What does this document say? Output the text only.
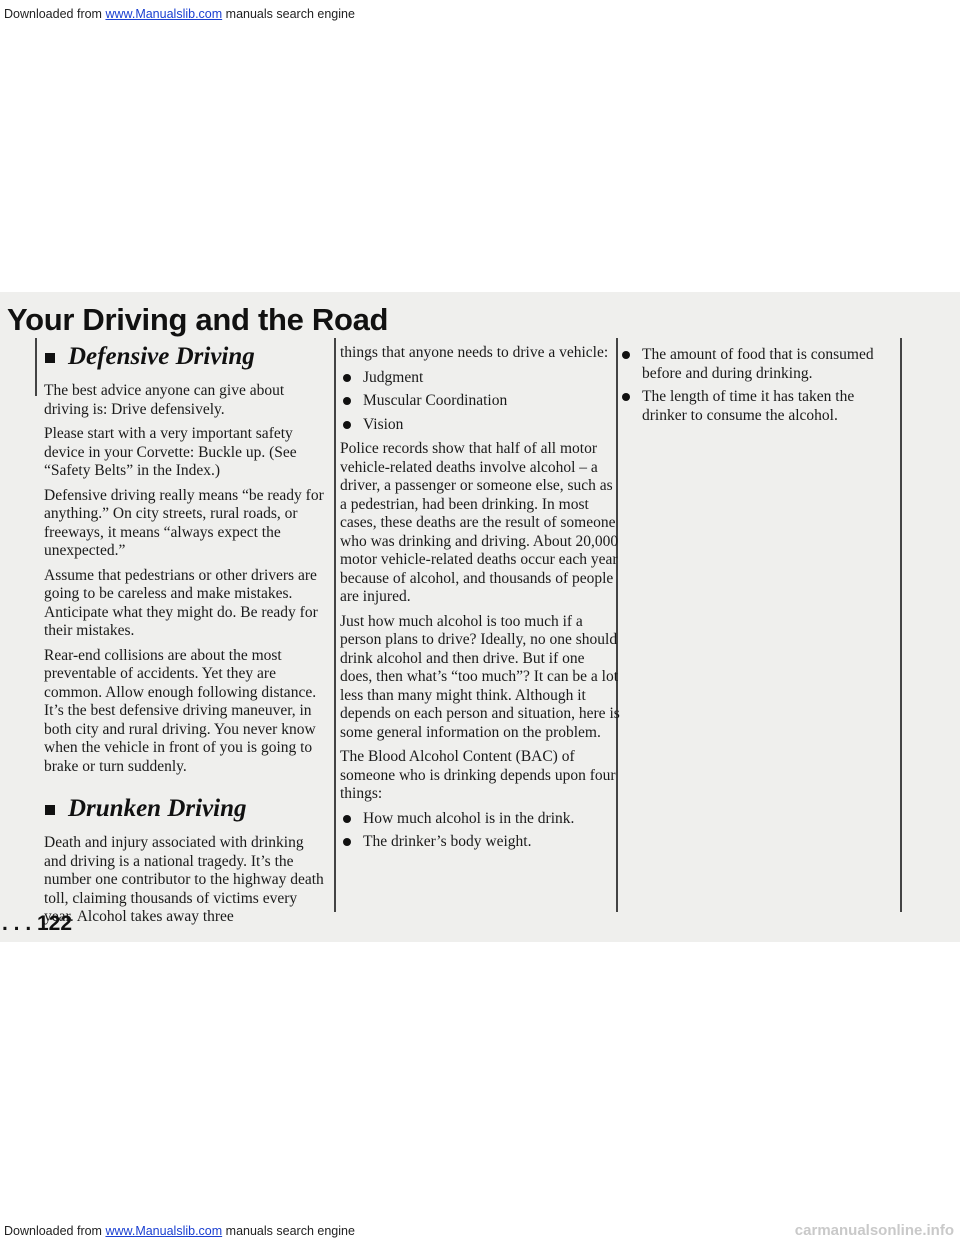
Downloaded from www.Manualslib.com manuals search engine
Your Driving and the Road
Defensive Driving

The best advice anyone can give about driving is: Drive defensively.

Please start with a very important safety device in your Corvette: Buckle up. (See “Safety Belts” in the Index.)

Defensive driving really means “be ready for anything.” On city streets, rural roads, or freeways, it means “always expect the unexpected.”

Assume that pedestrians or other drivers are going to be careless and make mistakes. Anticipate what they might do. Be ready for their mistakes.

Rear-end collisions are about the most preventable of accidents. Yet they are common. Allow enough following distance. It’s the best defensive driving maneuver, in both city and rural driving. You never know when the vehicle in front of you is going to brake or turn suddenly.

Drunken Driving

Death and injury associated with drinking and driving is a national tragedy. It’s the number one contributor to the highway death toll, claiming thousands of victims every year. Alcohol takes away three

things that anyone needs to drive a vehicle:

Judgment
Muscular Coordination
Vision

Police records show that half of all motor vehicle-related deaths involve alcohol – a driver, a passenger or someone else, such as a pedestrian, had been drinking. In most cases, these deaths are the result of someone who was drinking and driving. About 20,000 motor vehicle-related deaths occur each year because of alcohol, and thousands of people are injured.

Just how much alcohol is too much if a person plans to drive? Ideally, no one should drink alcohol and then drive. But if one does, then what’s “too much”? It can be a lot less than many might think. Although it depends on each person and situation, here is some general information on the problem.

The Blood Alcohol Content (BAC) of someone who is drinking depends upon four things:

How much alcohol is in the drink.
The drinker’s body weight.
The amount of food that is consumed before and during drinking.
The length of time it has taken the drinker to consume the alcohol.
. . . 122
Downloaded from www.Manualslib.com manuals search engine	carmanualsonline.info
